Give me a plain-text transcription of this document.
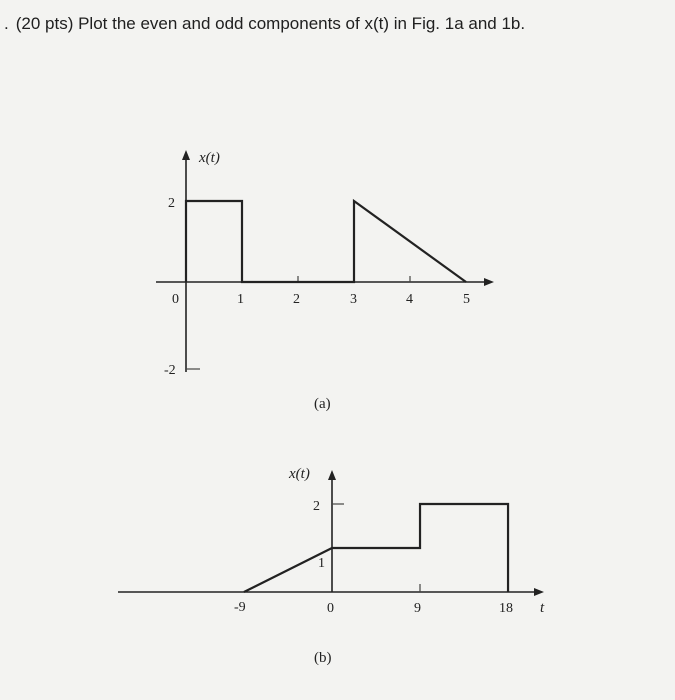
. (20 pts) Plot the even and odd components of x(t) in Fig. 1a and 1b.
x(t)
2
-2
0	1	2	3	4	5
(a)
x(t)
2
1
-9	0	9	18 t
(b)
